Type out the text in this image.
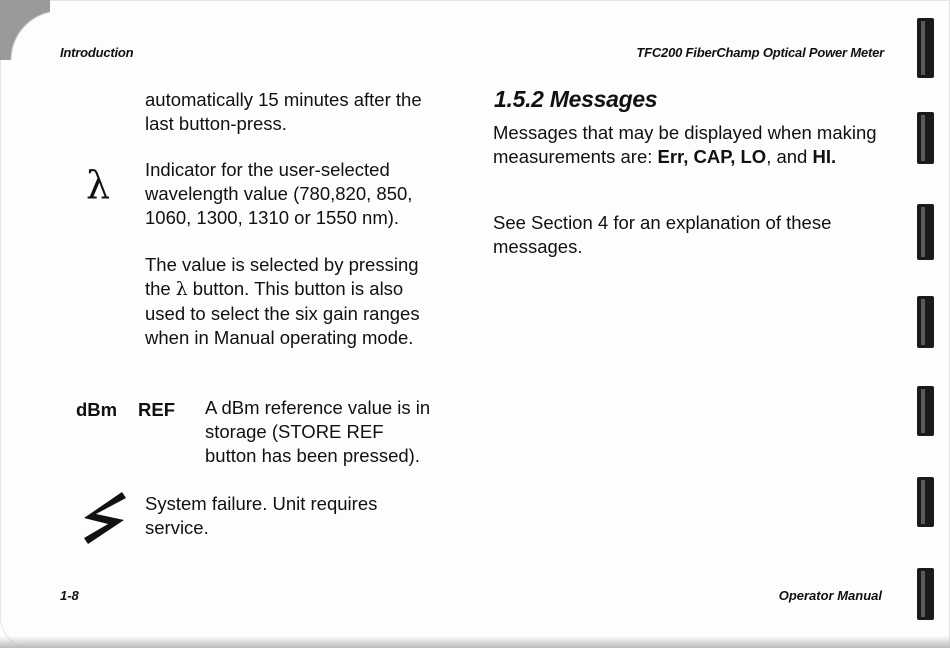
Introduction	TFC200 FiberChamp Optical Power Meter
automatically 15 minutes after the
last button-press.
λ Indicator for the user-selected
wavelength value (780,820, 850,
1060, 1300, 1310 or 1550 nm).
The value is selected by pressing
the λ button. This button is also
used to select the six gain ranges
when in Manual operating mode.
dBm REF A dBm reference value is in
storage (STORE REF
button has been pressed).
System failure. Unit requires
service.
1.5.2 Messages
Messages that may be displayed when making measurements are: Err, CAP, LO, and HI.
See Section 4 for an explanation of these messages.
1-8	Operator Manual
